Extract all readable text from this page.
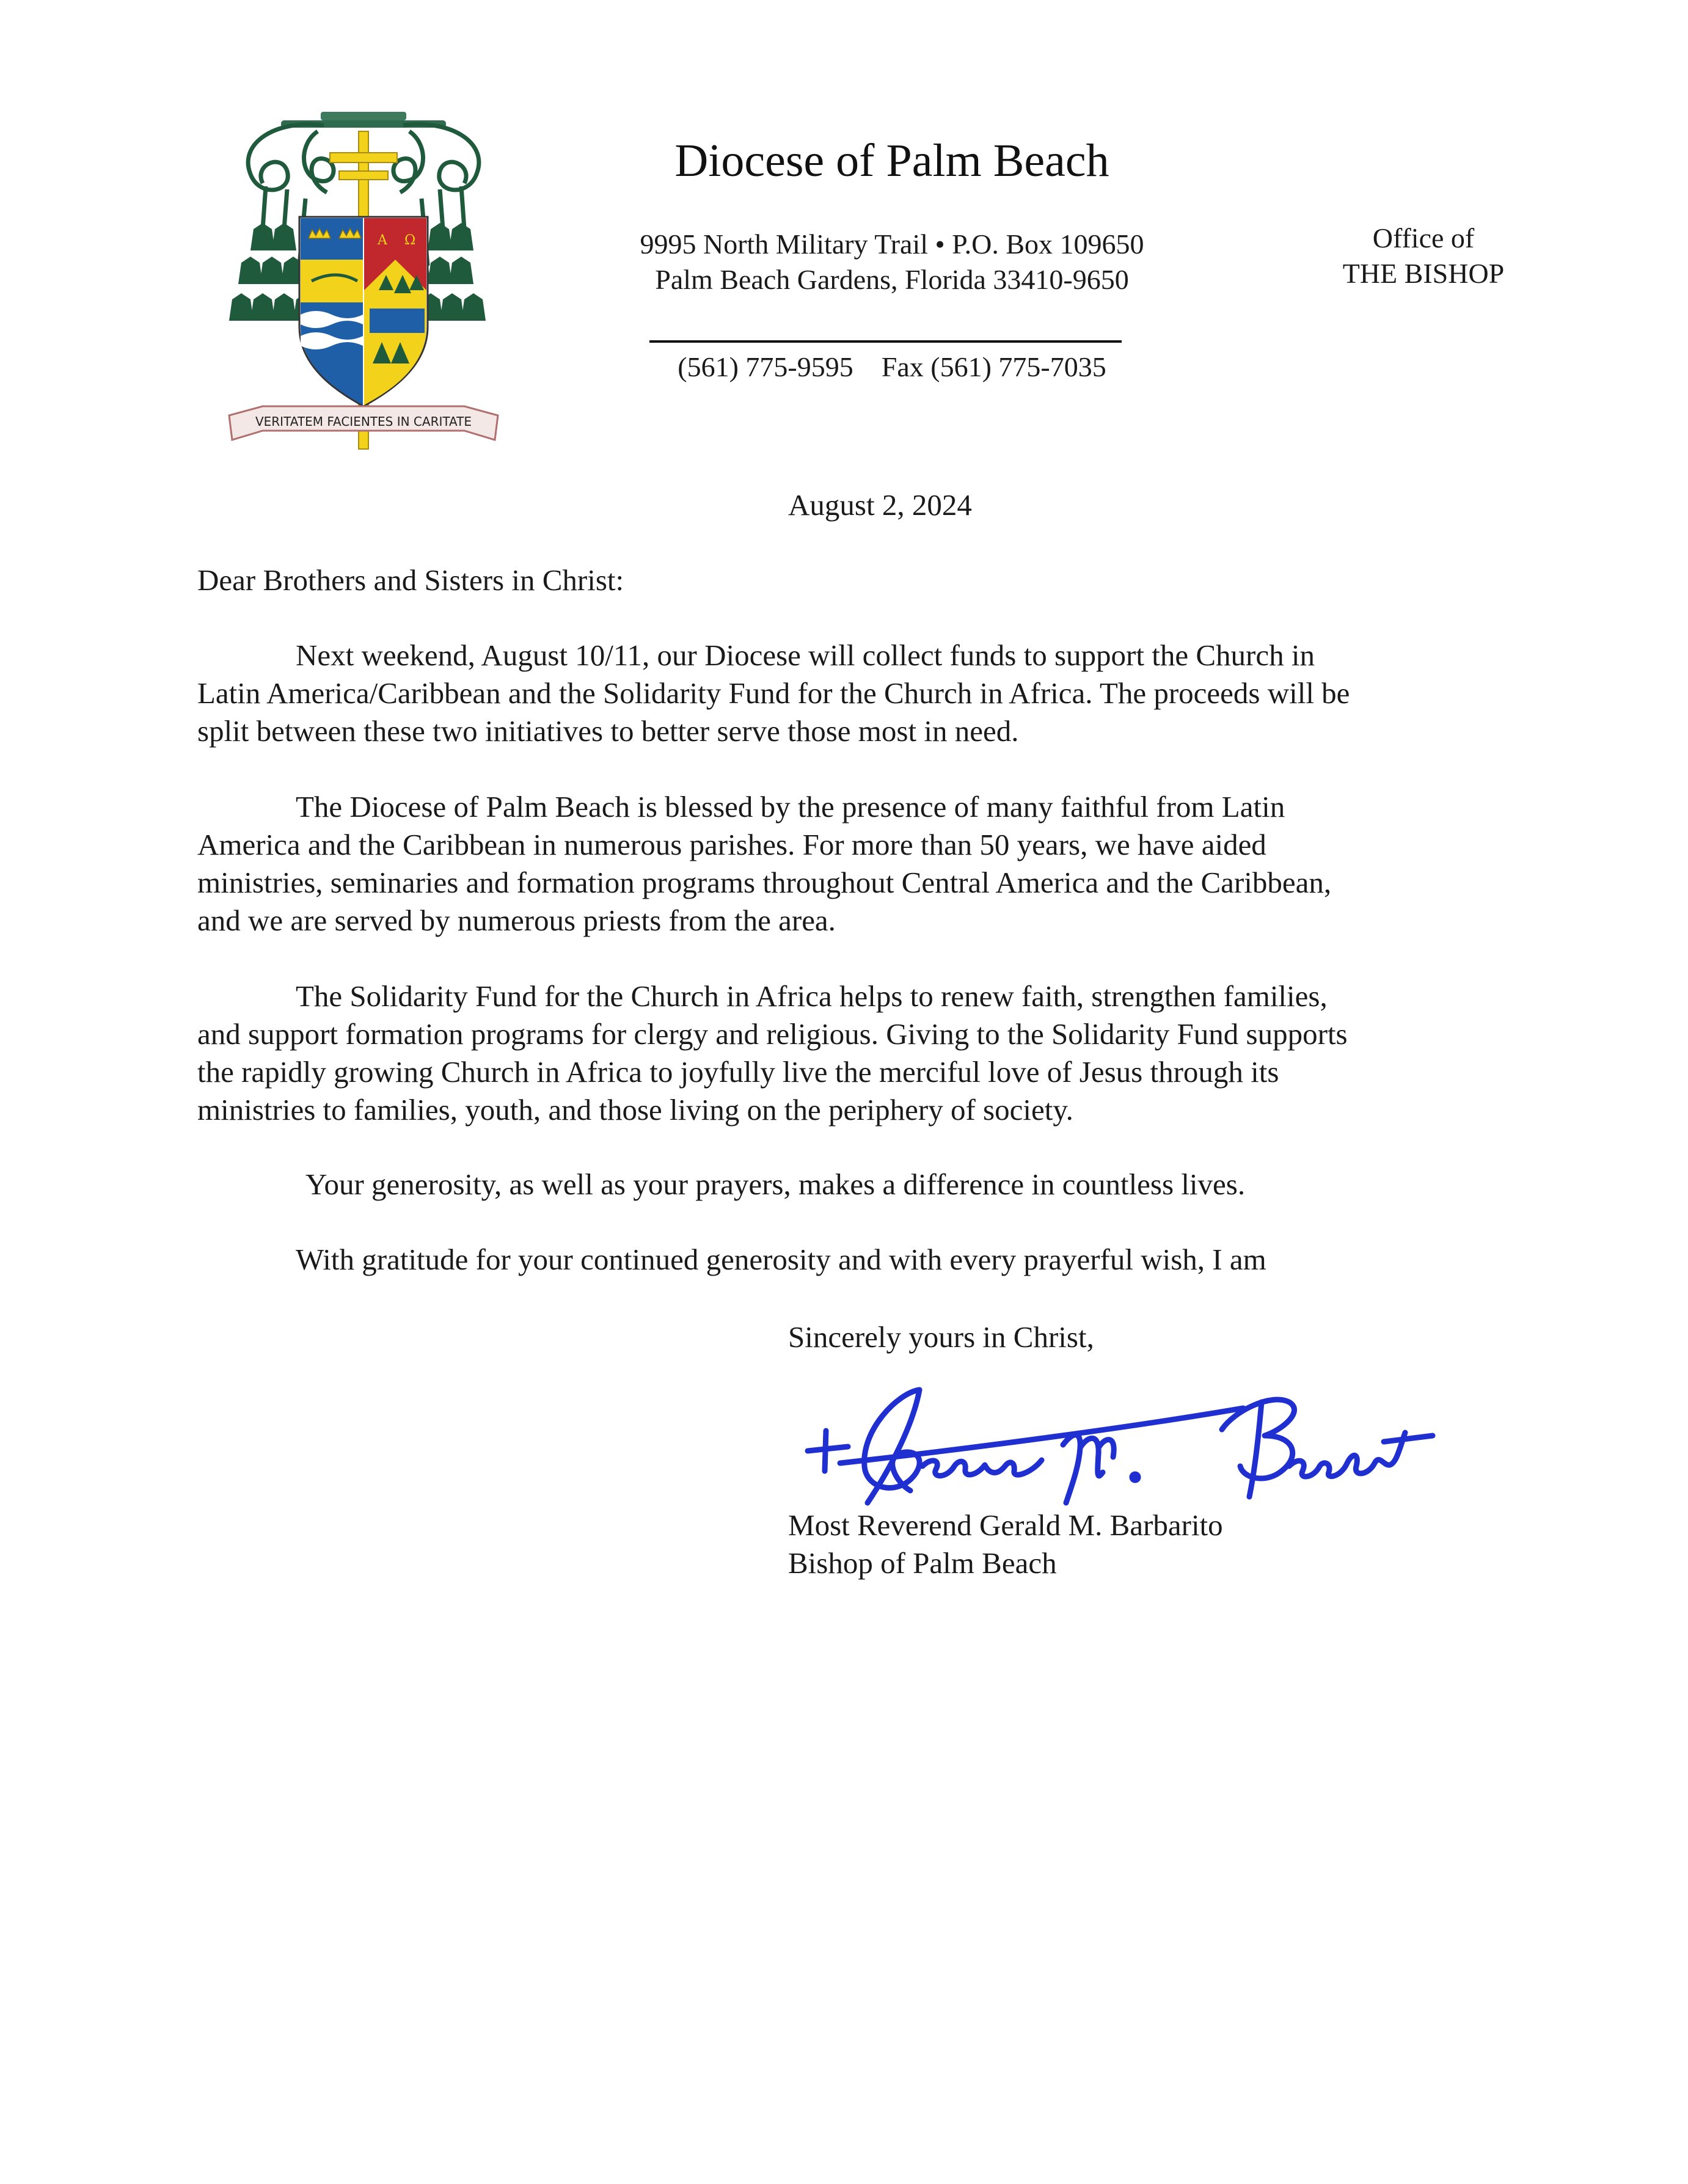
A Ω
VERITATEM FACIENTES IN CARITATE
Diocese of Palm Beach
9995 North Military Trail • P.O. Box 109650
Palm Beach Gardens, Florida 33410-9650
(561) 775-9595 Fax (561) 775-7035
Office of
THE BISHOP
August 2, 2024
Dear Brothers and Sisters in Christ:
Next weekend, August 10/11, our Diocese will collect funds to support the Church in
Latin America/Caribbean and the Solidarity Fund for the Church in Africa. The proceeds will be
split between these two initiatives to better serve those most in need.
The Diocese of Palm Beach is blessed by the presence of many faithful from Latin
America and the Caribbean in numerous parishes. For more than 50 years, we have aided
ministries, seminaries and formation programs throughout Central America and the Caribbean,
and we are served by numerous priests from the area.
The Solidarity Fund for the Church in Africa helps to renew faith, strengthen families,
and support formation programs for clergy and religious. Giving to the Solidarity Fund supports
the rapidly growing Church in Africa to joyfully live the merciful love of Jesus through its
ministries to families, youth, and those living on the periphery of society.
Your generosity, as well as your prayers, makes a difference in countless lives.
With gratitude for your continued generosity and with every prayerful wish, I am
Sincerely yours in Christ,
Most Reverend Gerald M. Barbarito
Bishop of Palm Beach
